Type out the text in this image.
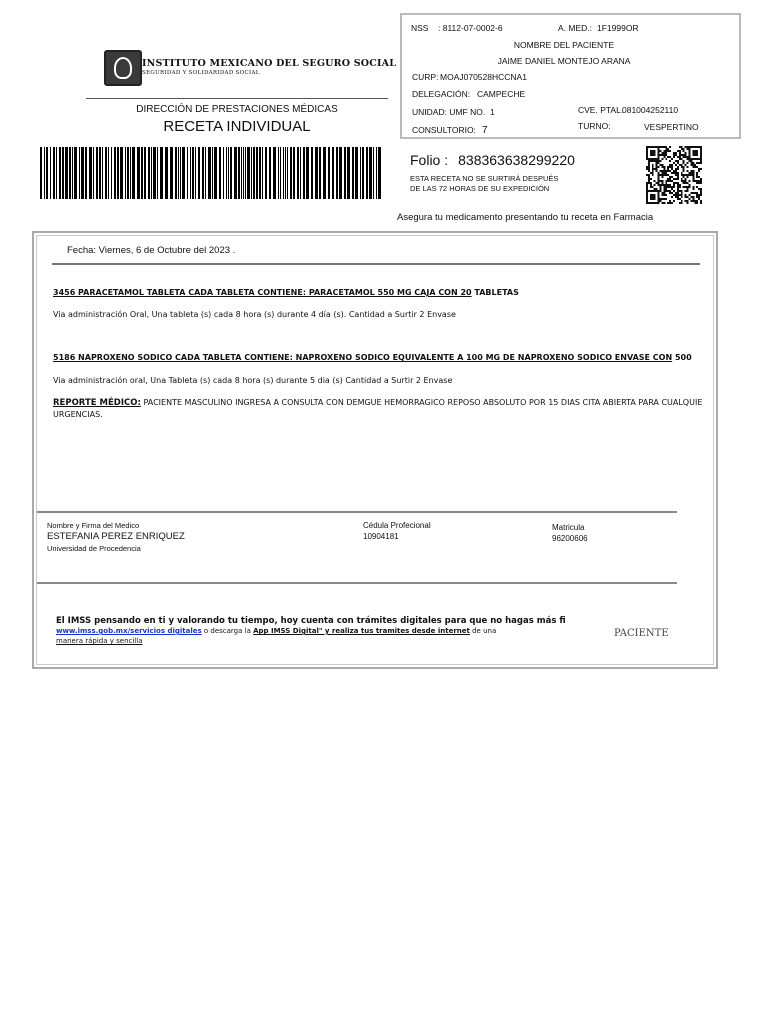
INSTITUTO MEXICANO DEL SEGURO SOCIAL
SEGURIDAD Y SOLIDARIDAD SOCIAL
DIRECCIÓN DE PRESTACIONES MÉDICAS
RECETA INDIVIDUAL
NSS : 8112-07-0002-6	A. MED.: 1F1999OR
NOMBRE DEL PACIENTE
JAIME DANIEL MONTEJO ARANA
CURP: MOAJ070528HCCNA1
DELEGACIÓN: CAMPECHE
UNIDAD: UMF NO. 1	CVE. PTAL.
081004252110
CONSULTORIO: 7	TURNO:	VESPERTINO
Folio : 838363638299220
ESTA RECETA NO SE SURTIRÁ DESPUÉS
DE LAS 72 HORAS DE SU EXPEDICIÓN
Asegura tu medicamento presentando tu receta en Farmacia
Fecha: Viernes, 6 de Octubre del 2023 .
3456 PARACETAMOL TABLETA CADA TABLETA CONTIENE: PARACETAMOL 550 MG CAJA CON 20 TABLETAS
Via administración Oral, Una tableta (s) cada 8 hora (s) durante 4 día (s). Cantidad a Surtir 2 Envase
5186 NAPROXENO SODICO CADA TABLETA CONTIENE: NAPROXENO SODICO EQUIVALENTE A 100 MG DE NAPROXENO SODICO ENVASE CON 500
Via administración oral, Una Tableta (s) cada 8 hora (s) durante 5 dia (s) Cantidad a Surtir 2 Envase
REPORTE MÉDICO: PACIENTE MASCULINO INGRESA A CONSULTA CON DEMGUE HEMORRAGICO REPOSO ABSOLUTO POR 15 DIAS CITA ABIERTA PARA CUALQUIE URGENCIAS.
Nombre y Firma del Medico
ESTEFANIA PEREZ ENRIQUEZ
Universidad de Procedencia
Cédula Profecional
10904181
Matricula
96200606
El IMSS pensando en ti y valorando tu tiempo, hoy cuenta con trámites digitales para que no hagas más fi
www.imss.gob.mx/servicios digitales o descarga la App IMSS Digital" y realiza tus tramites desde internet de una
manera rápida y sencilla
PACIENTE
